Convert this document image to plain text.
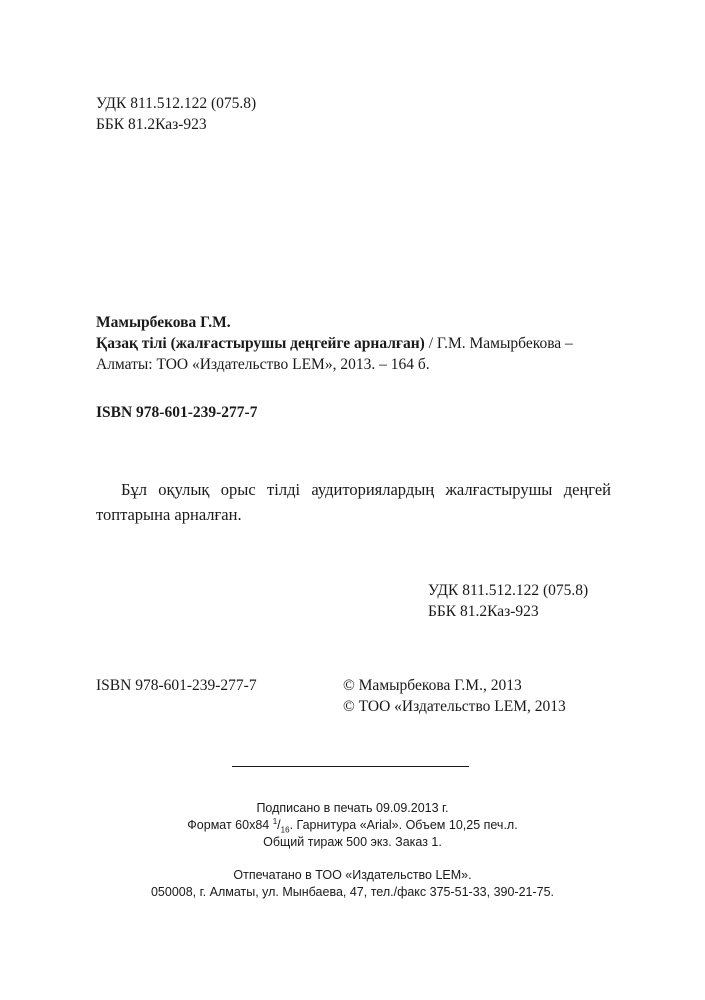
УДК 811.512.122 (075.8)
ББК 81.2Каз-923
Мамырбекова Г.М.
Қазақ тілі (жалғастырушы деңгейге арналған) / Г.М. Мамырбекова –
Алматы: ТОО «Издательство LEM», 2013. – 164 б.
ISBN 978-601-239-277-7
Бұл оқулық орыс тілді аудиториялардың жалғастырушы деңгей топтарына арналған.
УДК 811.512.122 (075.8)
ББК 81.2Каз-923
ISBN 978-601-239-277-7	© Мамырбекова Г.М., 2013
© ТОО «Издательство LEM, 2013
Подписано в печать 09.09.2013 г.
Формат 60х84 $^1/_{16}$. Гарнитура «Arial». Объем 10,25 печ.л.
Общий тираж 500 экз. Заказ 1.
Отпечатано в ТОО «Издательство LEM».
050008, г. Алматы, ул. Мынбаева, 47, тел./факс 375-51-33, 390-21-75.
